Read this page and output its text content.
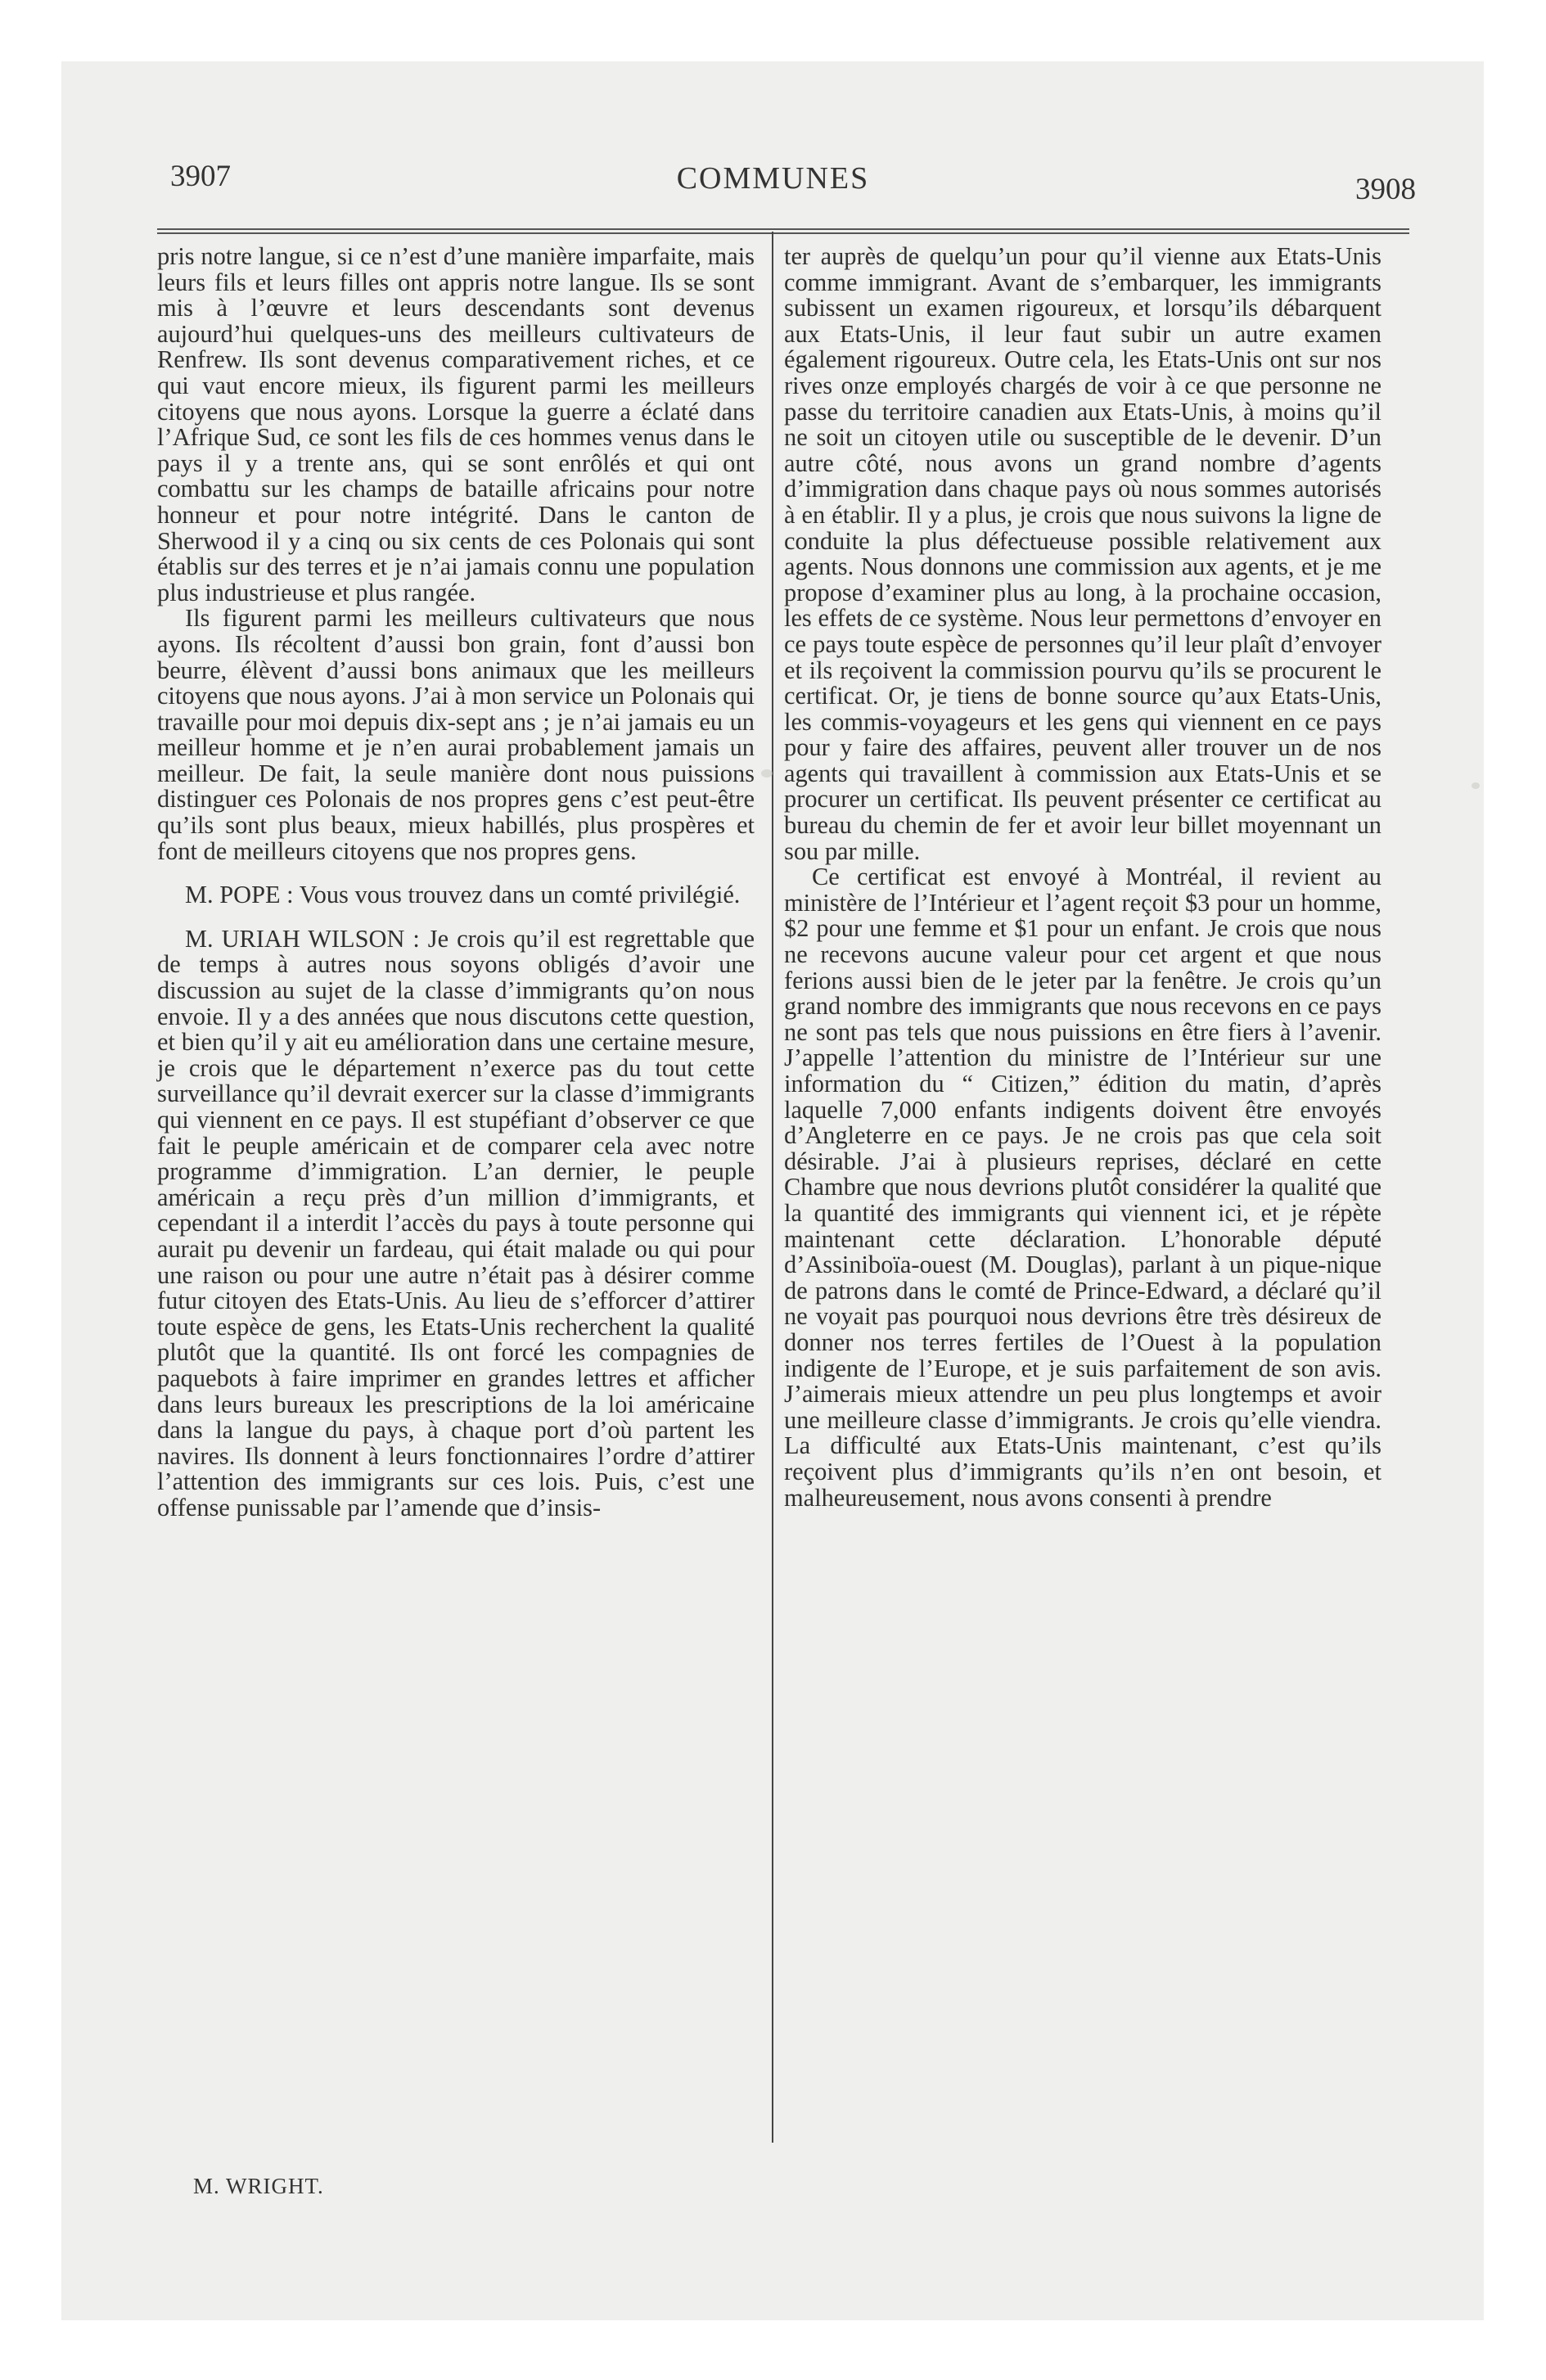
3907	COMMUNES	3908

pris notre langue, si ce n’est d’une manière imparfaite, mais leurs fils et leurs filles ont appris notre langue. Ils se sont mis à l’œuvre et leurs descendants sont devenus aujourd’hui quelques-uns des meilleurs cultivateurs de Renfrew. Ils sont devenus comparativement riches, et ce qui vaut encore mieux, ils figurent parmi les meilleurs citoyens que nous ayons. Lorsque la guerre a éclaté dans l’Afrique Sud, ce sont les fils de ces hommes venus dans le pays il y a trente ans, qui se sont enrôlés et qui ont combattu sur les champs de bataille africains pour notre honneur et pour notre intégrité. Dans le canton de Sherwood il y a cinq ou six cents de ces Polonais qui sont établis sur des terres et je n’ai jamais connu une population plus industrieuse et plus rangée.

Ils figurent parmi les meilleurs cultivateurs que nous ayons. Ils récoltent d’aussi bon grain, font d’aussi bon beurre, élèvent d’aussi bons animaux que les meilleurs citoyens que nous ayons. J’ai à mon service un Polonais qui travaille pour moi depuis dix-sept ans ; je n’ai jamais eu un meilleur homme et je n’en aurai probablement jamais un meilleur. De fait, la seule manière dont nous puissions distinguer ces Polonais de nos propres gens c’est peut-être qu’ils sont plus beaux, mieux habillés, plus prospères et font de meilleurs citoyens que nos propres gens.

M. POPE : Vous vous trouvez dans un comté privilégié.

M. URIAH WILSON : Je crois qu’il est regrettable que de temps à autres nous soyons obligés d’avoir une discussion au sujet de la classe d’immigrants qu’on nous envoie. Il y a des années que nous discutons cette question, et bien qu’il y ait eu amélioration dans une certaine mesure, je crois que le département n’exerce pas du tout cette surveillance qu’il devrait exercer sur la classe d’immigrants qui viennent en ce pays. Il est stupéfiant d’observer ce que fait le peuple américain et de comparer cela avec notre programme d’immigration. L’an dernier, le peuple américain a reçu près d’un million d’immigrants, et cependant il a interdit l’accès du pays à toute personne qui aurait pu devenir un fardeau, qui était malade ou qui pour une raison ou pour une autre n’était pas à désirer comme futur citoyen des Etats-Unis. Au lieu de s’efforcer d’attirer toute espèce de gens, les Etats-Unis recherchent la qualité plutôt que la quantité. Ils ont forcé les compagnies de paquebots à faire imprimer en grandes lettres et afficher dans leurs bureaux les prescriptions de la loi américaine dans la langue du pays, à chaque port d’où partent les navires. Ils donnent à leurs fonctionnaires l’ordre d’attirer l’attention des immigrants sur ces lois. Puis, c’est une offense punissable par l’amende que d’insis-

ter auprès de quelqu’un pour qu’il vienne aux Etats-Unis comme immigrant. Avant de s’embarquer, les immigrants subissent un examen rigoureux, et lorsqu’ils débarquent aux Etats-Unis, il leur faut subir un autre examen également rigoureux. Outre cela, les Etats-Unis ont sur nos rives onze employés chargés de voir à ce que personne ne passe du territoire canadien aux Etats-Unis, à moins qu’il ne soit un citoyen utile ou susceptible de le devenir. D’un autre côté, nous avons un grand nombre d’agents d’immigration dans chaque pays où nous sommes autorisés à en établir. Il y a plus, je crois que nous suivons la ligne de conduite la plus défectueuse possible relativement aux agents. Nous donnons une commission aux agents, et je me propose d’examiner plus au long, à la prochaine occasion, les effets de ce système. Nous leur permettons d’envoyer en ce pays toute espèce de personnes qu’il leur plaît d’envoyer et ils reçoivent la commission pourvu qu’ils se procurent le certificat. Or, je tiens de bonne source qu’aux Etats-Unis, les commis-voyageurs et les gens qui viennent en ce pays pour y faire des affaires, peuvent aller trouver un de nos agents qui travaillent à commission aux Etats-Unis et se procurer un certificat. Ils peuvent présenter ce certificat au bureau du chemin de fer et avoir leur billet moyennant un sou par mille.

Ce certificat est envoyé à Montréal, il revient au ministère de l’Intérieur et l’agent reçoit $3 pour un homme, $2 pour une femme et $1 pour un enfant. Je crois que nous ne recevons aucune valeur pour cet argent et que nous ferions aussi bien de le jeter par la fenêtre. Je crois qu’un grand nombre des immigrants que nous recevons en ce pays ne sont pas tels que nous puissions en être fiers à l’avenir. J’appelle l’attention du ministre de l’Intérieur sur une information du “ Citizen,” édition du matin, d’après laquelle 7,000 enfants indigents doivent être envoyés d’Angleterre en ce pays. Je ne crois pas que cela soit désirable. J’ai à plusieurs reprises, déclaré en cette Chambre que nous devrions plutôt considérer la qualité que la quantité des immigrants qui viennent ici, et je répète maintenant cette déclaration. L’honorable député d’Assiniboïa-ouest (M. Douglas), parlant à un pique-nique de patrons dans le comté de Prince-Edward, a déclaré qu’il ne voyait pas pourquoi nous devrions être très désireux de donner nos terres fertiles de l’Ouest à la population indigente de l’Europe, et je suis parfaitement de son avis. J’aimerais mieux attendre un peu plus longtemps et avoir une meilleure classe d’immigrants. Je crois qu’elle viendra. La difficulté aux Etats-Unis maintenant, c’est qu’ils reçoivent plus d’immigrants qu’ils n’en ont besoin, et malheureusement, nous avons consenti à prendre

M. WRIGHT.
